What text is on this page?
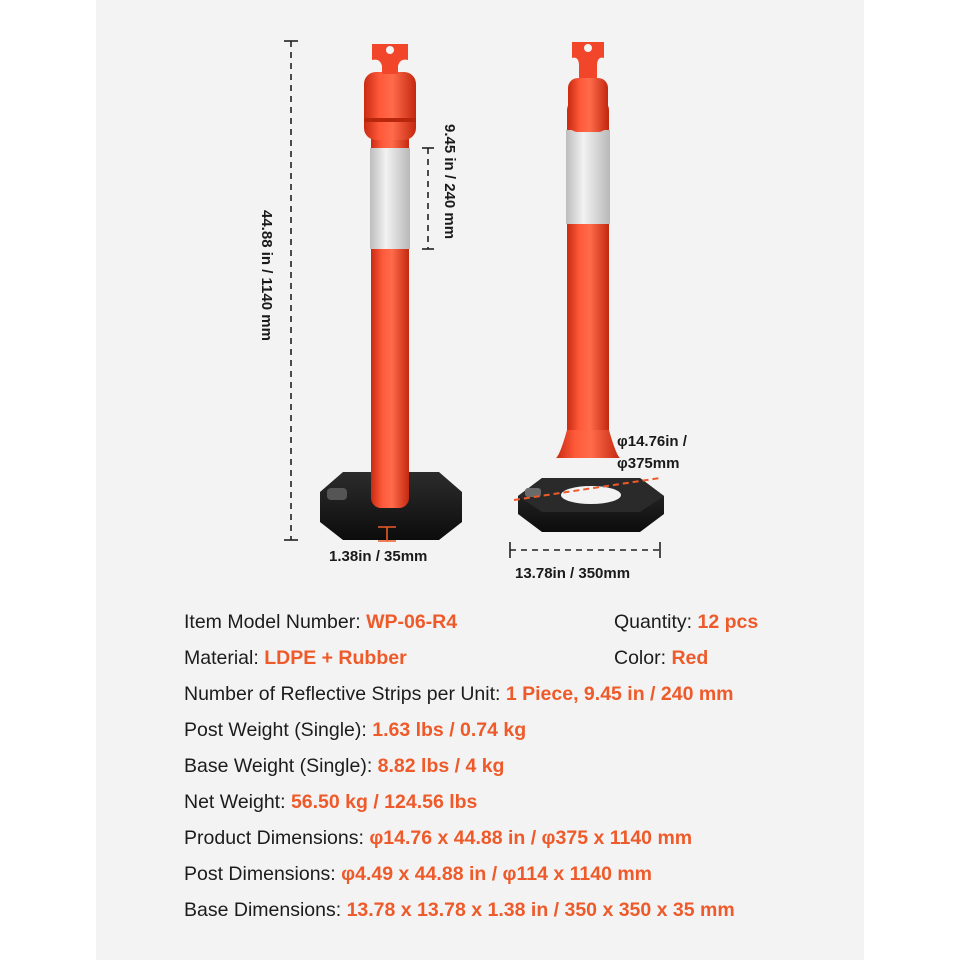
44.88 in / 1140 mm
9.45 in / 240 mm
1.38in / 35mm
φ14.76in /
φ375mm
13.78in / 350mm
Item Model Number: WP-06-R4	Quantity: 12 pcs
Material: LDPE + Rubber	Color: Red
Number of Reflective Strips per Unit: 1 Piece, 9.45 in / 240 mm
Post Weight (Single): 1.63 lbs / 0.74 kg
Base Weight (Single): 8.82 lbs / 4 kg
Net Weight: 56.50 kg / 124.56 lbs
Product Dimensions: φ14.76 x 44.88 in / φ375 x 1140 mm
Post Dimensions: φ4.49 x 44.88 in / φ114 x 1140 mm
Base Dimensions: 13.78 x 13.78 x 1.38 in / 350 x 350 x 35 mm
